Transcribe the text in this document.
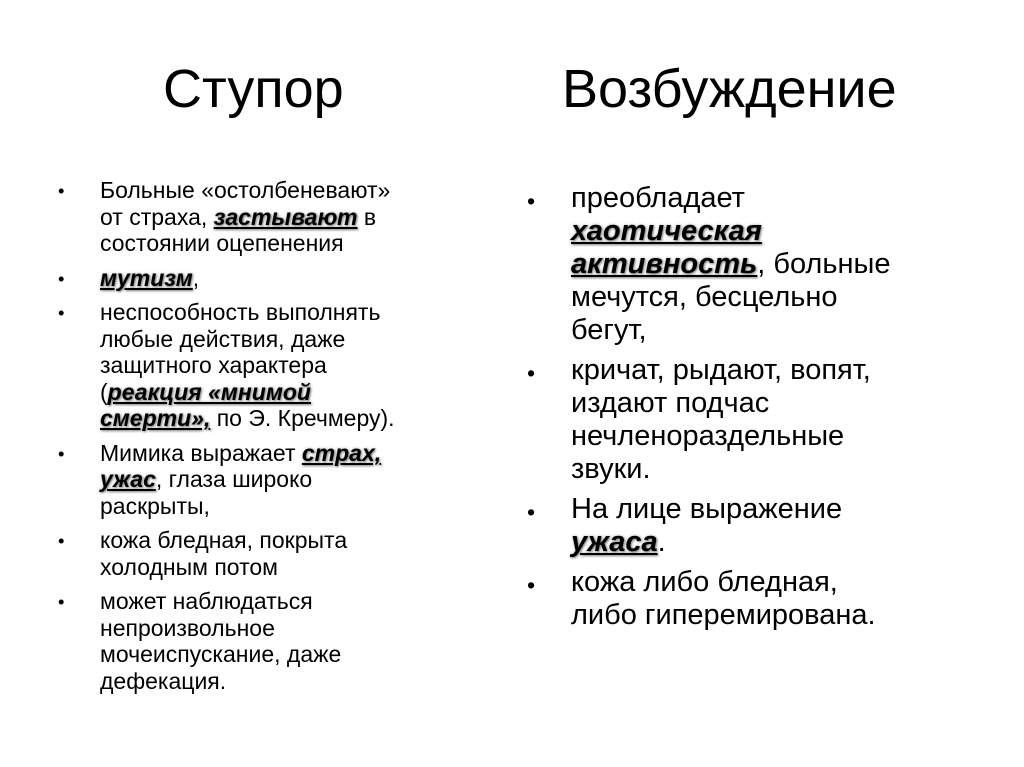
Ступор	Возбуждение
• Больные «остолбеневают»
от страха, застывают в
состоянии оцепенения
• мутизм,
• неспособность выполнять
любые действия, даже
защитного характера
(реакция «мнимой
смерти», по Э. Кречмеру).
• Мимика выражает страх,
ужас, глаза широко
раскрыты,
• кожа бледная, покрыта
холодным потом
• может наблюдаться
непроизвольное
мочеиспускание, даже
дефекация.
• преобладает
хаотическая
активность, больные
мечутся, бесцельно
бегут,
• кричат, рыдают, вопят,
издают подчас
нечленораздельные
звуки.
• На лице выражение
ужаса.
• кожа либо бледная,
либо гиперемирована.
